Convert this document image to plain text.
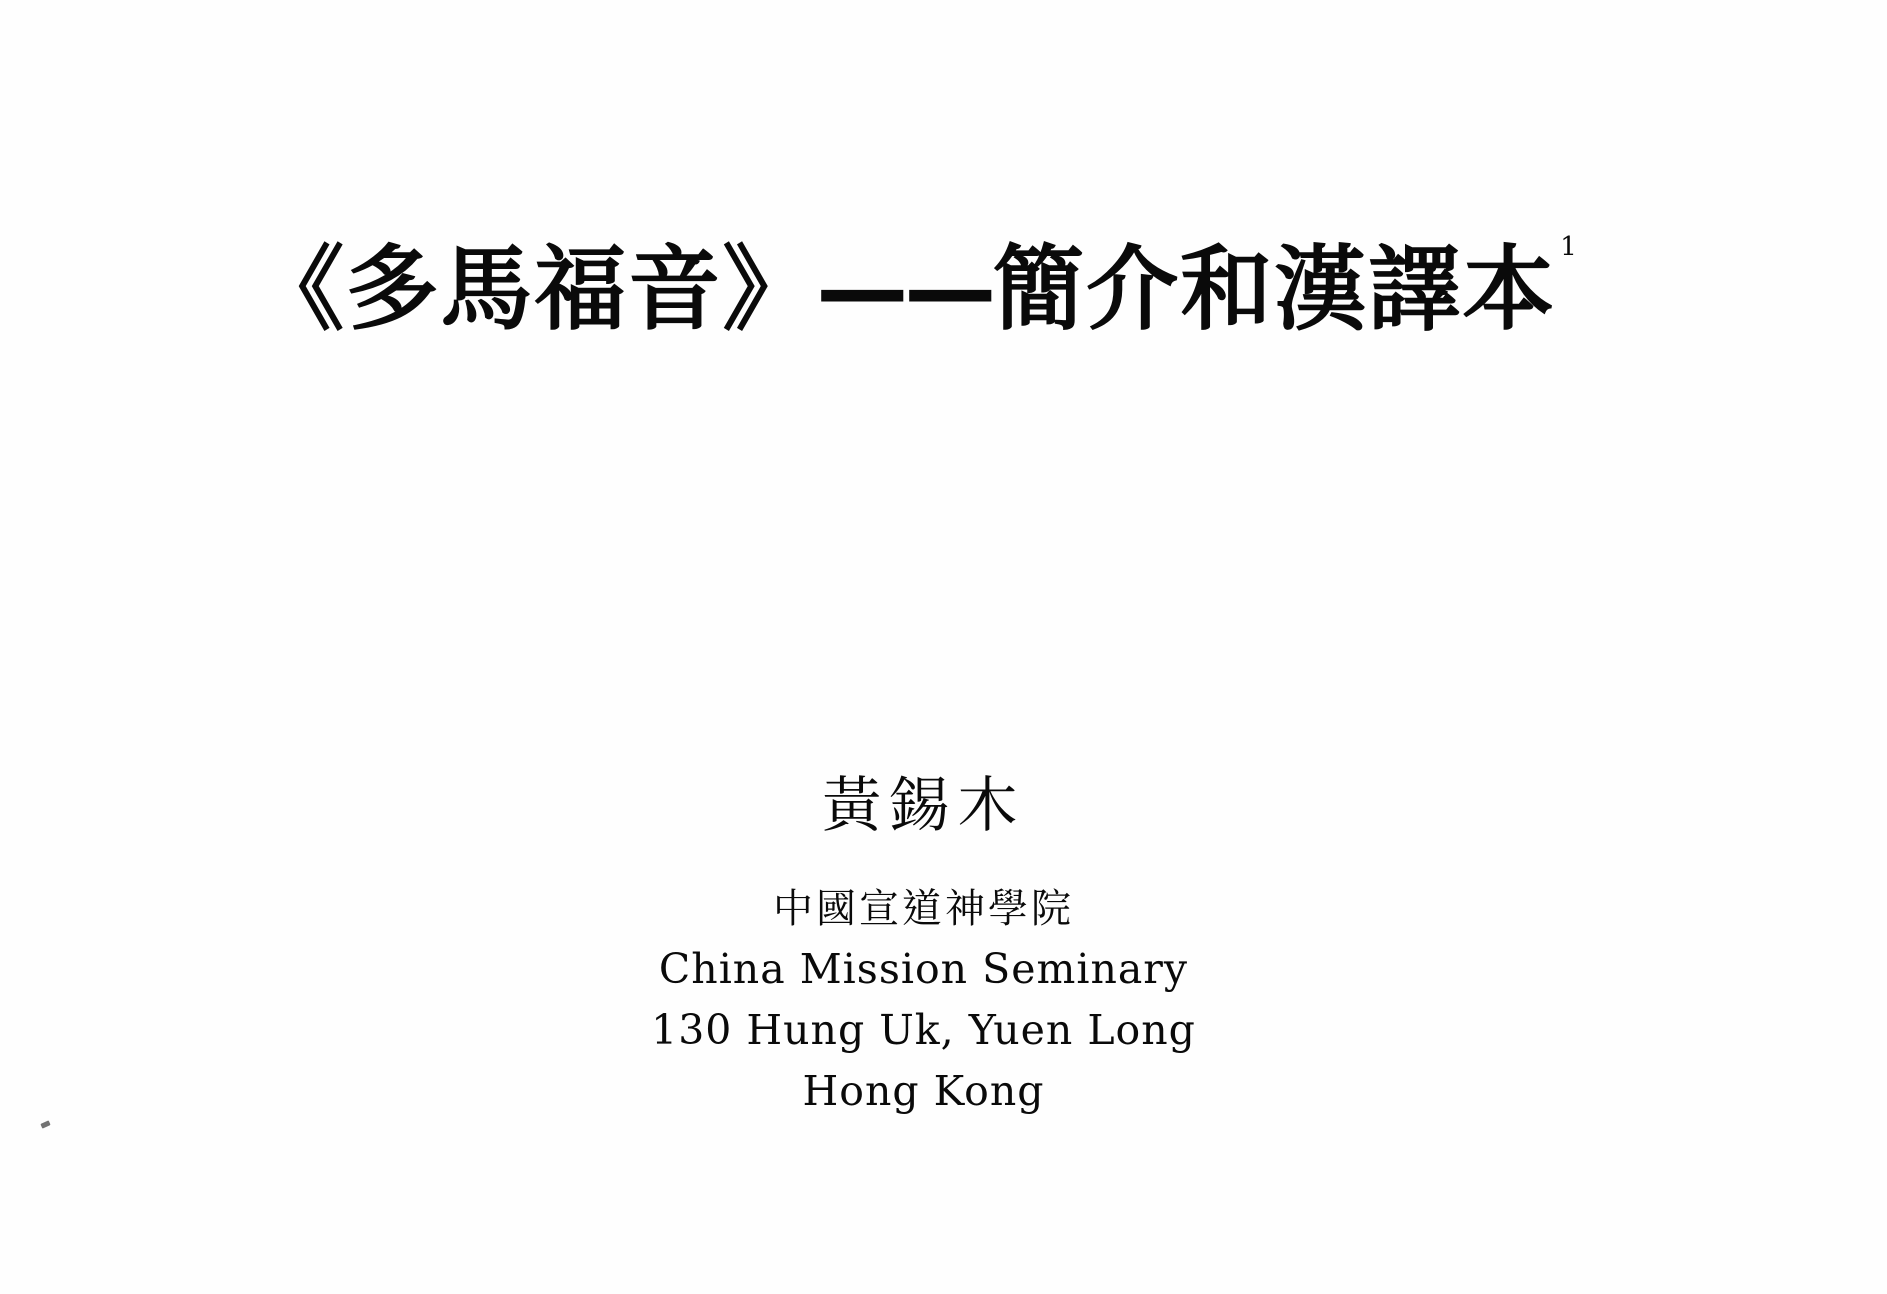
《多馬福音》——簡介和漢譯本 $^1$
黃錫木
中國宣道神學院
China Mission Seminary
130 Hung Uk, Yuen Long
Hong Kong
